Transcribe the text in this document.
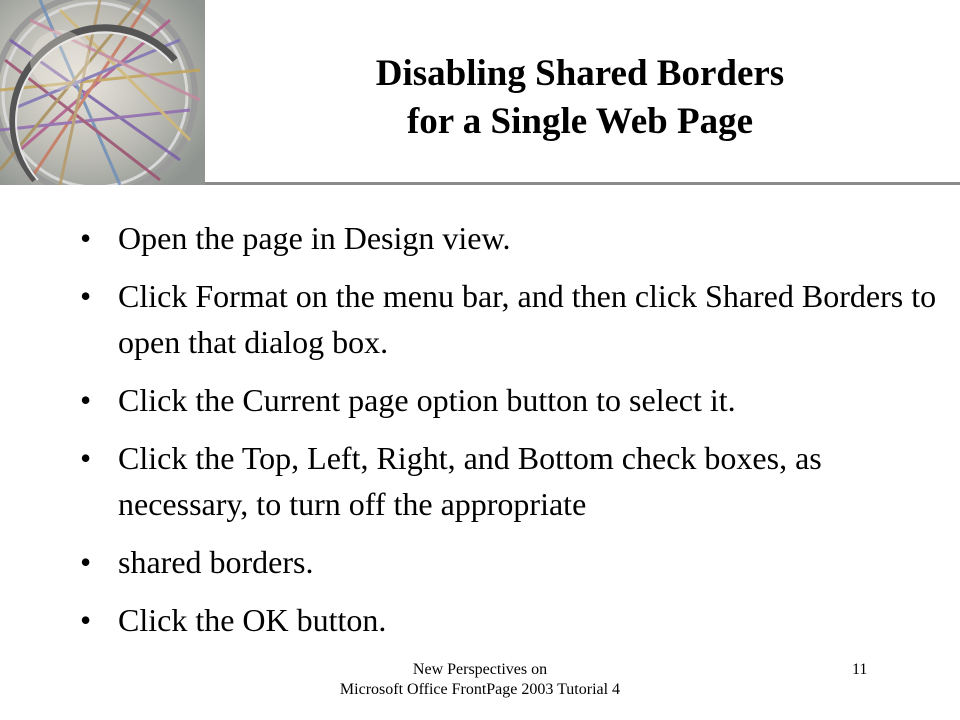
Disabling Shared Borders
for a Single Web Page
• Open the page in Design view.
• Click Format on the menu bar, and then click Shared Borders to open that dialog box.
• Click the Current page option button to select it.
• Click the Top, Left, Right, and Bottom check boxes, as necessary, to turn off the appropriate
• shared borders.
• Click the OK button.
New Perspectives on
Microsoft Office FrontPage 2003 Tutorial 4
11
